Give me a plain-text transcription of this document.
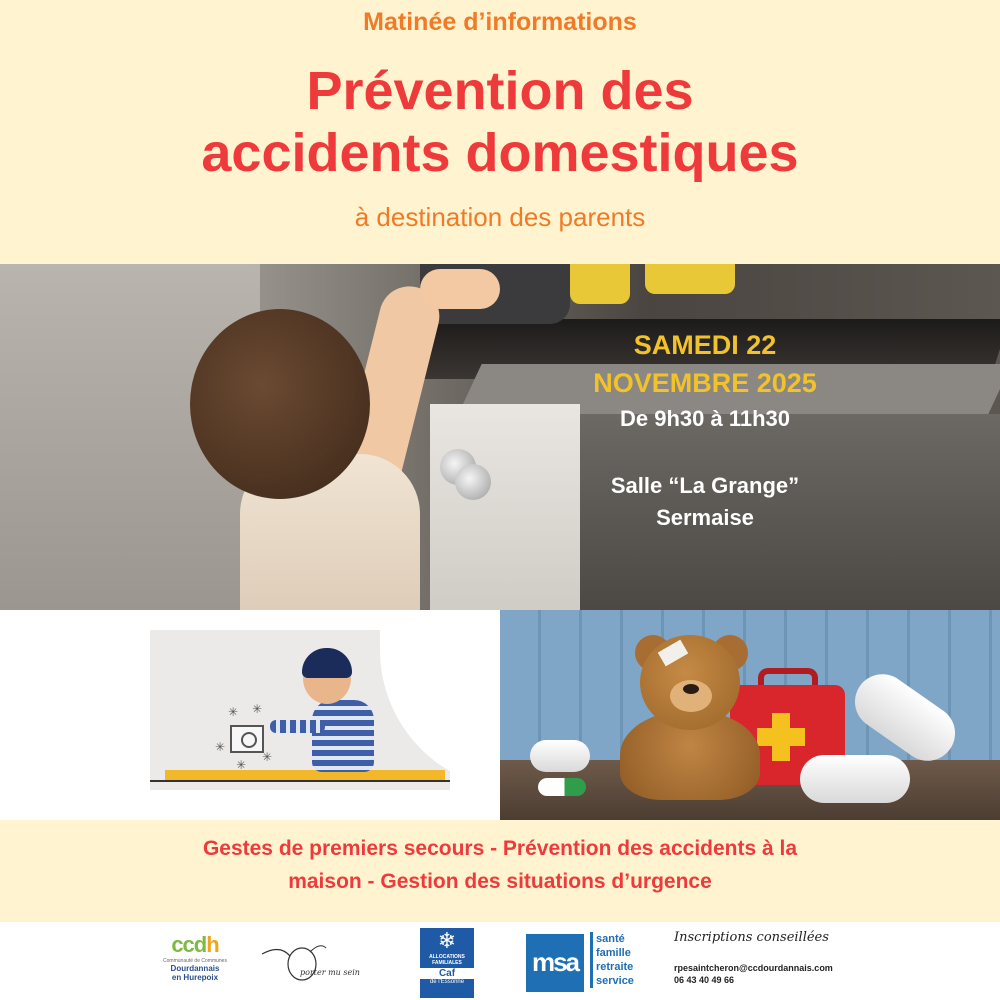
Matinée d’informations
Prévention des
accidents domestiques
à destination des parents
SAMEDI 22
NOVEMBRE 2025
De 9h30 à 11h30
Salle “La Grange”
Sermaise
✳ ✳
✳
✳
✳
Gestes de premiers secours - Prévention des accidents à la
maison - Gestion des situations d’urgence
ccdh
Communauté de Communes
Dourdannais
en Hurepoix
porter mu sein
❄
ALLOCATIONS
FAMILIALES
Caf
de l'Essonne
msa
santé
famille
retraite
service
Inscriptions conseillées
rpesaintcheron@ccdourdannais.com
06 43 40 49 66
